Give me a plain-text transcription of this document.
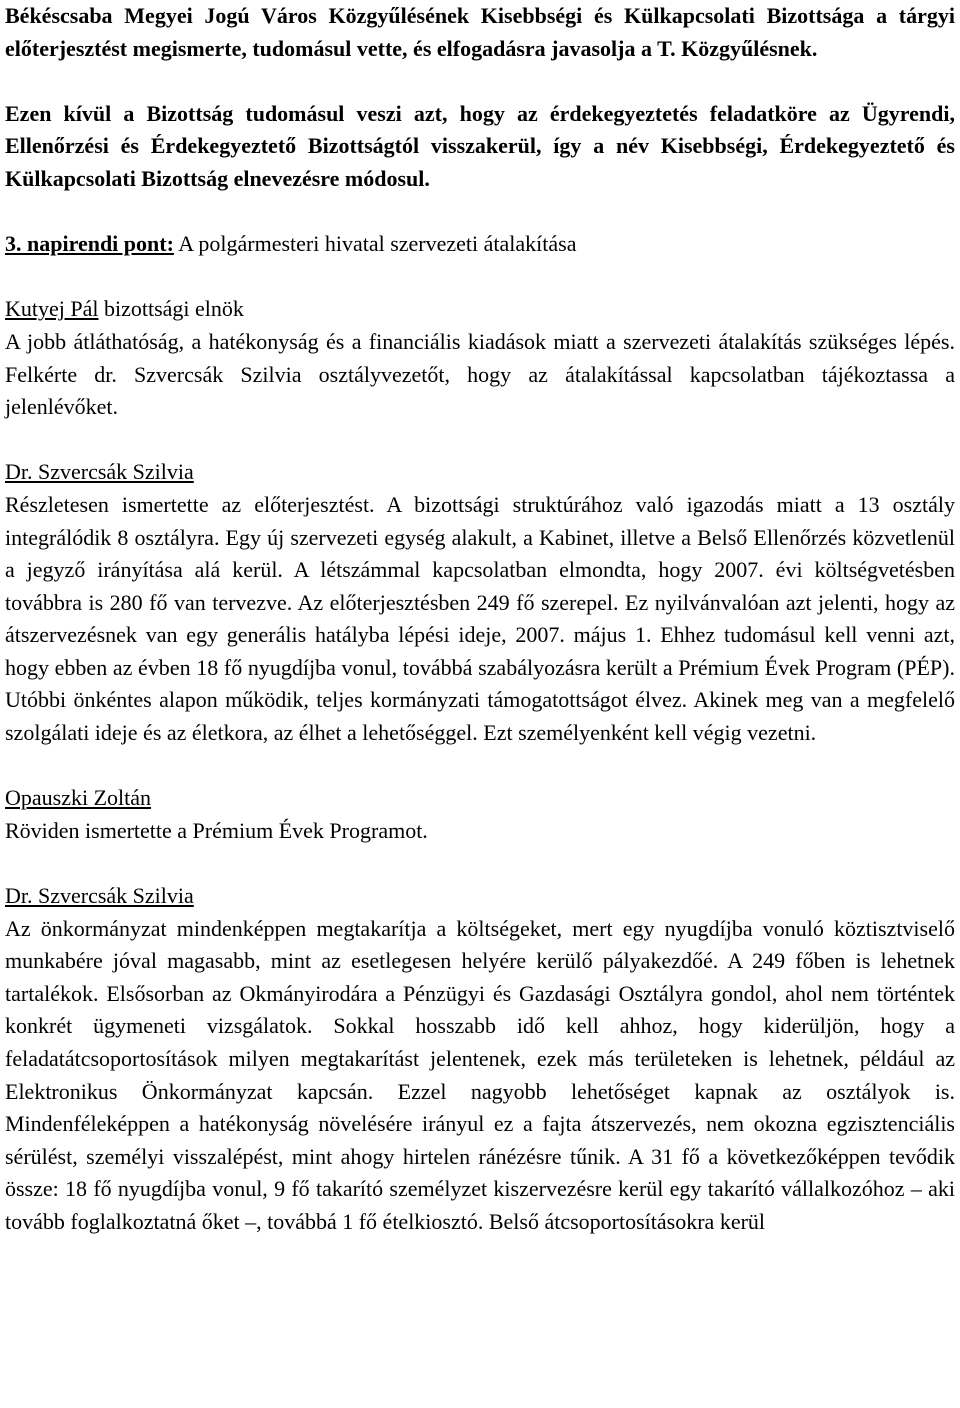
Békéscsaba Megyei Jogú Város Közgyűlésének Kisebbségi és Külkapcsolati Bizottsága a tárgyi előterjesztést megismerte, tudomásul vette, és elfogadásra javasolja a T. Közgyűlésnek.

Ezen kívül a Bizottság tudomásul veszi azt, hogy az érdekegyeztetés feladatköre az Ügyrendi, Ellenőrzési és Érdekegyeztető Bizottságtól visszakerül, így a név Kisebbségi, Érdekegyeztető és Külkapcsolati Bizottság elnevezésre módosul.

3. napirendi pont: A polgármesteri hivatal szervezeti átalakítása

Kutyej Pál bizottsági elnök

A jobb átláthatóság, a hatékonyság és a financiális kiadások miatt a szervezeti átalakítás szükséges lépés. Felkérte dr. Szvercsák Szilvia osztályvezetőt, hogy az átalakítással kapcsolatban tájékoztassa a jelenlévőket.

Dr. Szvercsák Szilvia

Részletesen ismertette az előterjesztést. A bizottsági struktúrához való igazodás miatt a 13 osztály integrálódik 8 osztályra. Egy új szervezeti egység alakult, a Kabinet, illetve a Belső Ellenőrzés közvetlenül a jegyző irányítása alá kerül. A létszámmal kapcsolatban elmondta, hogy 2007. évi költségvetésben továbbra is 280 fő van tervezve. Az előterjesztésben 249 fő szerepel. Ez nyilvánvalóan azt jelenti, hogy az átszervezésnek van egy generális hatályba lépési ideje, 2007. május 1. Ehhez tudomásul kell venni azt, hogy ebben az évben 18 fő nyugdíjba vonul, továbbá szabályozásra került a Prémium Évek Program (PÉP). Utóbbi önkéntes alapon működik, teljes kormányzati támogatottságot élvez. Akinek meg van a megfelelő szolgálati ideje és az életkora, az élhet a lehetőséggel. Ezt személyenként kell végig vezetni.

Opauszki Zoltán

Röviden ismertette a Prémium Évek Programot.

Dr. Szvercsák Szilvia

Az önkormányzat mindenképpen megtakarítja a költségeket, mert egy nyugdíjba vonuló köztisztviselő munkabére jóval magasabb, mint az esetlegesen helyére kerülő pályakezdőé. A 249 főben is lehetnek tartalékok. Elsősorban az Okmányirodára a Pénzügyi és Gazdasági Osztályra gondol, ahol nem történtek konkrét ügymeneti vizsgálatok. Sokkal hosszabb idő kell ahhoz, hogy kiderüljön, hogy a feladatátcsoportosítások milyen megtakarítást jelentenek, ezek más területeken is lehetnek, például az Elektronikus Önkormányzat kapcsán. Ezzel nagyobb lehetőséget kapnak az osztályok is. Mindenféleképpen a hatékonyság növelésére irányul ez a fajta átszervezés, nem okozna egzisztenciális sérülést, személyi visszalépést, mint ahogy hirtelen ránézésre tűnik. A 31 fő a következőképpen tevődik össze: 18 fő nyugdíjba vonul, 9 fő takarító személyzet kiszervezésre kerül egy takarító vállalkozóhoz – aki tovább foglalkoztatná őket –, továbbá 1 fő ételkiosztó. Belső átcsoportosításokra kerül
